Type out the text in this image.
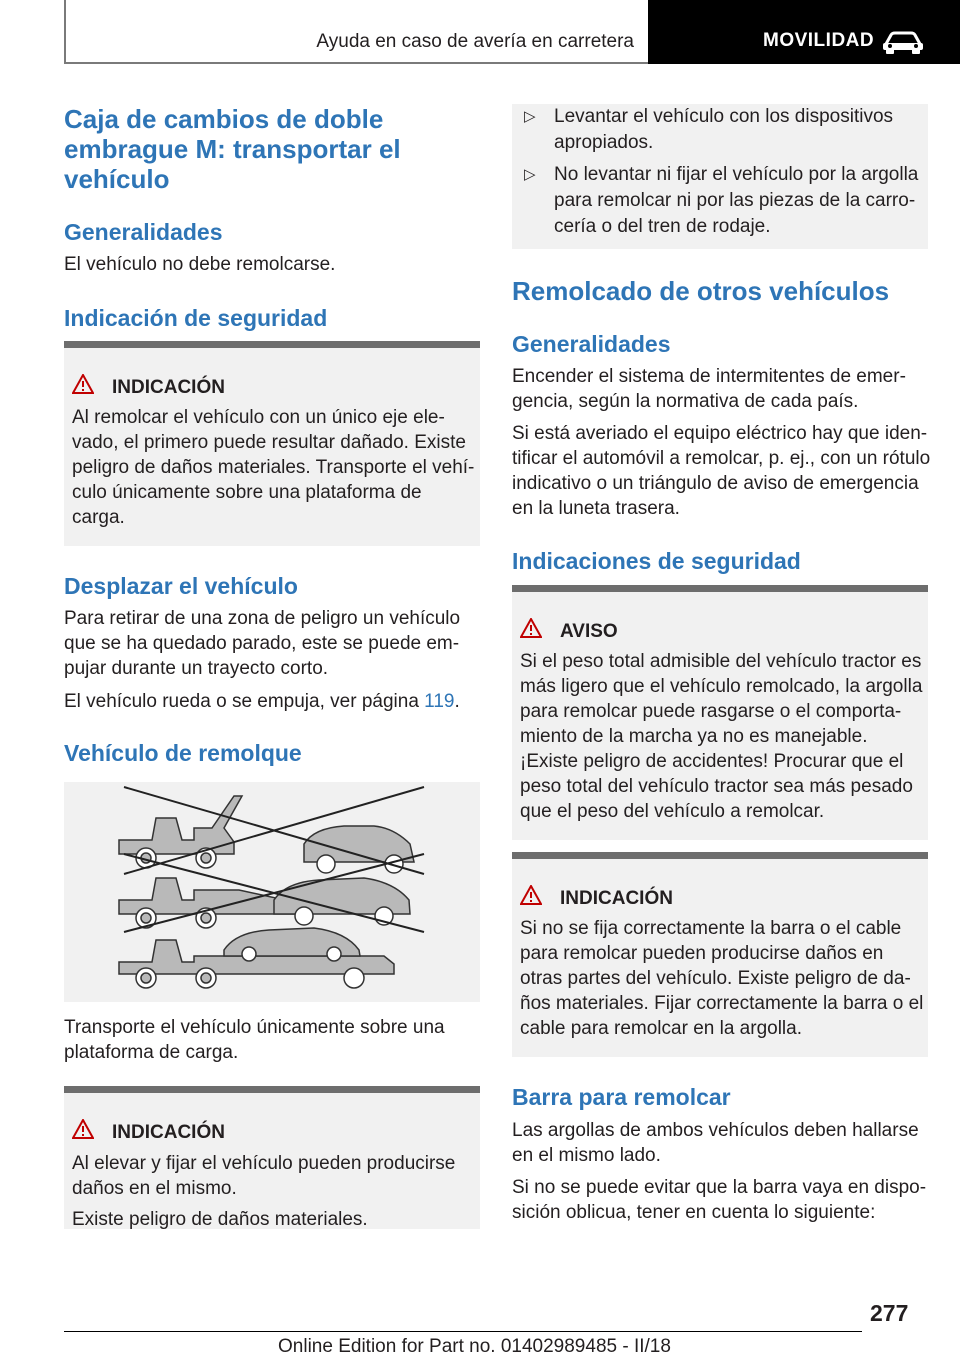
Ayuda en caso de avería en carretera	MOVILIDAD
Caja de cambios de doble
embrague M: transportar el
vehículo
Generalidades

El vehículo no debe remolcarse.

Indicación de seguridad
INDICACIÓN
Al remolcar el vehículo con un único eje ele-
vado, el primero puede resultar dañado. Existe
peligro de daños materiales. Transporte el vehí-
culo únicamente sobre una plataforma de
carga.
Desplazar el vehículo
Para retirar de una zona de peligro un vehículo
que se ha quedado parado, este se puede em-
pujar durante un trayecto corto.
El vehículo rueda o se empuja, ver página 119.
Vehículo de remolque
Transporte el vehículo únicamente sobre una
plataforma de carga.
INDICACIÓN
Al elevar y fijar el vehículo pueden producirse
daños en el mismo.
Existe peligro de daños materiales.
▷ Levantar el vehículo con los dispositivos
apropiados.
▷ No levantar ni fijar el vehículo por la argolla
para remolcar ni por las piezas de la carro-
cería o del tren de rodaje.
Remolcado de otros vehículos
Generalidades
Encender el sistema de intermitentes de emer-
gencia, según la normativa de cada país.
Si está averiado el equipo eléctrico hay que iden-
tificar el automóvil a remolcar, p. ej., con un rótulo
indicativo o un triángulo de aviso de emergencia
en la luneta trasera.
Indicaciones de seguridad
AVISO
Si el peso total admisible del vehículo tractor es
más ligero que el vehículo remolcado, la argolla
para remolcar puede rasgarse o el comporta-
miento de la marcha ya no es manejable.
¡Existe peligro de accidentes! Procurar que el
peso total del vehículo tractor sea más pesado
que el peso del vehículo a remolcar.
INDICACIÓN
Si no se fija correctamente la barra o el cable
para remolcar pueden producirse daños en
otras partes del vehículo. Existe peligro de da-
ños materiales. Fijar correctamente la barra o el
cable para remolcar en la argolla.
Barra para remolcar
Las argollas de ambos vehículos deben hallarse
en el mismo lado.
Si no se puede evitar que la barra vaya en dispo-
sición oblicua, tener en cuenta lo siguiente:
277
Online Edition for Part no. 01402989485 - II/18
